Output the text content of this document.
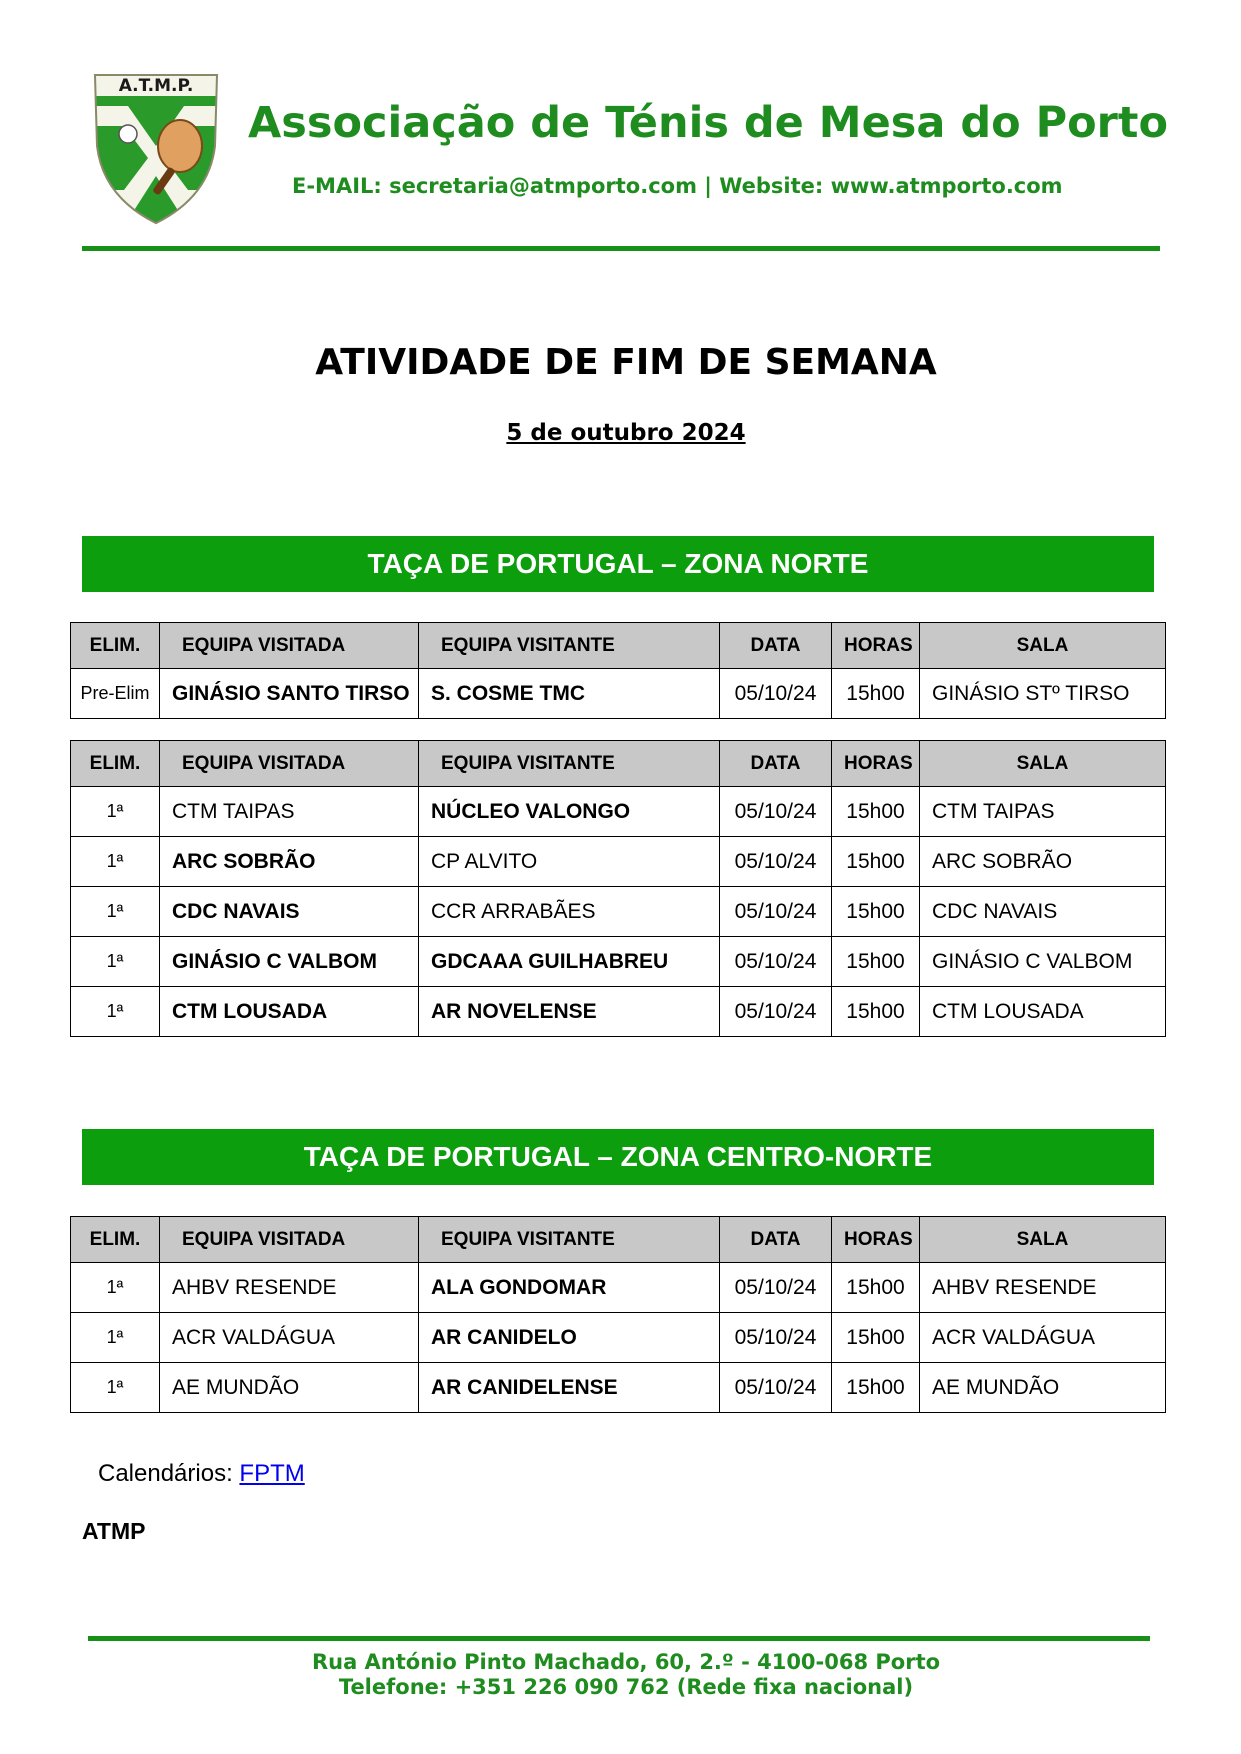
A.T.M.P.
Associação de Ténis de Mesa do Porto
E-MAIL: secretaria@atmporto.com | Website: www.atmporto.com
ATIVIDADE DE FIM DE SEMANA
5 de outubro 2024
TAÇA DE PORTUGAL – ZONA NORTE
ELIM.	EQUIPA VISITADA	EQUIPA VISITANTE	DATA	HORAS	SALA
Pre-Elim	GINÁSIO SANTO TIRSO	S. COSME TMC	05/10/24	15h00	GINÁSIO STº TIRSO
ELIM.	EQUIPA VISITADA	EQUIPA VISITANTE	DATA	HORAS	SALA
1ª	CTM TAIPAS	NÚCLEO VALONGO	05/10/24	15h00	CTM TAIPAS
1ª	ARC SOBRÃO	CP ALVITO	05/10/24	15h00	ARC SOBRÃO
1ª	CDC NAVAIS	CCR ARRABÃES	05/10/24	15h00	CDC NAVAIS
1ª	GINÁSIO C VALBOM	GDCAAA GUILHABREU	05/10/24	15h00	GINÁSIO C VALBOM
1ª	CTM LOUSADA	AR NOVELENSE	05/10/24	15h00	CTM LOUSADA
TAÇA DE PORTUGAL – ZONA CENTRO-NORTE
ELIM.	EQUIPA VISITADA	EQUIPA VISITANTE	DATA	HORAS	SALA
1ª	AHBV RESENDE	ALA GONDOMAR	05/10/24	15h00	AHBV RESENDE
1ª	ACR VALDÁGUA	AR CANIDELO	05/10/24	15h00	ACR VALDÁGUA
1ª	AE MUNDÃO	AR CANIDELENSE	05/10/24	15h00	AE MUNDÃO
Calendários: FPTM
ATMP
Rua António Pinto Machado, 60, 2.º - 4100-068 Porto
Telefone: +351 226 090 762 (Rede fixa nacional)
